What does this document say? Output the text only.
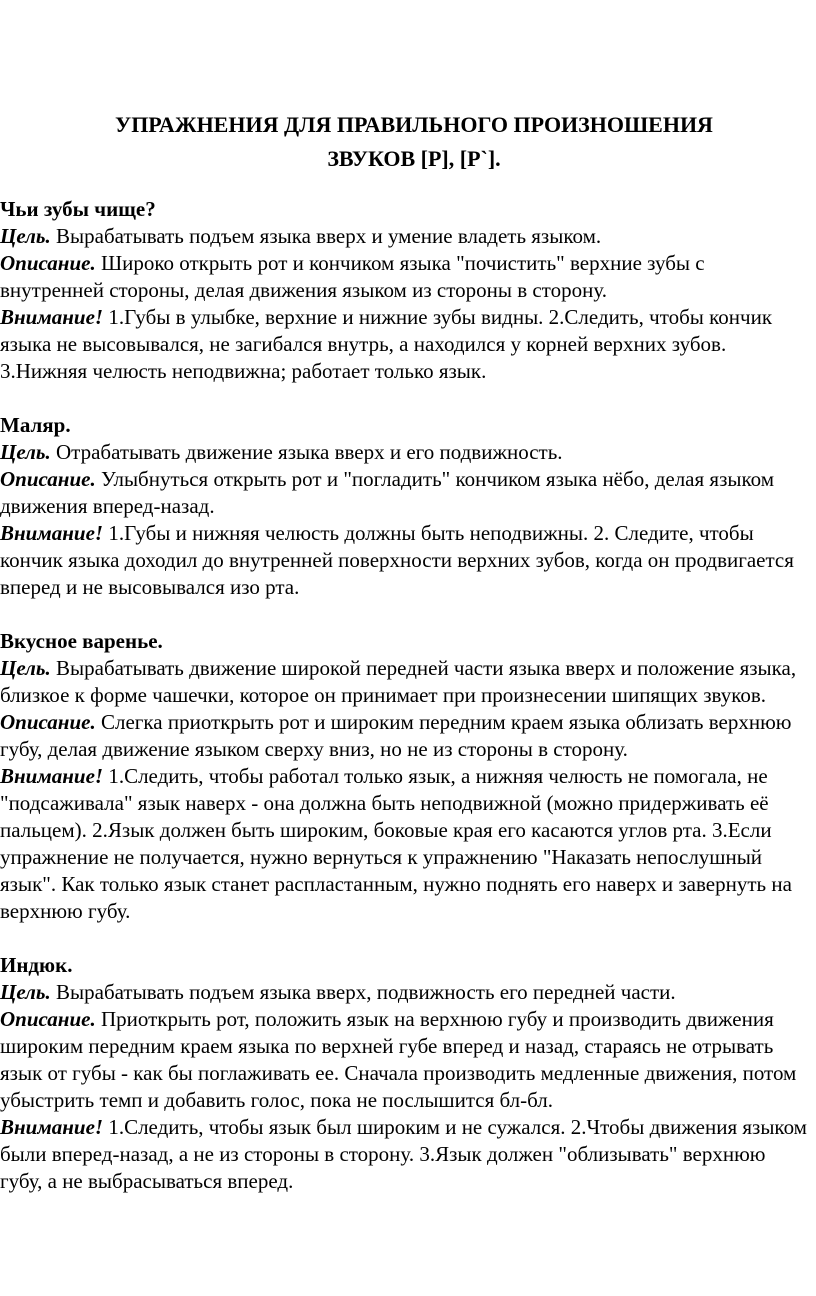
УПРАЖНЕНИЯ ДЛЯ ПРАВИЛЬНОГО ПРОИЗНОШЕНИЯ
ЗВУКОВ [Р], [Р`].

Чьи зубы чище?

Цель. Вырабатывать подъем языка вверх и умение владеть языком.

Описание. Широко открыть рот и кончиком языка "почистить" верхние зубы с внутренней стороны, делая движения языком из стороны в сторону.

Внимание! 1.Губы в улыбке, верхние и нижние зубы видны. 2.Следить, чтобы кончик языка не высовывался, не загибался внутрь, а находился у корней верхних зубов. 3.Нижняя челюсть неподвижна; работает только язык.

Маляр.

Цель. Отрабатывать движение языка вверх и его подвижность.

Описание. Улыбнуться открыть рот и "погладить" кончиком языка нёбо, делая языком движения вперед-назад.

Внимание! 1.Губы и нижняя челюсть должны быть неподвижны. 2. Следите, чтобы кончик языка доходил до внутренней поверхности верхних зубов, когда он продвигается вперед и не высовывался изо рта.

Вкусное варенье.

Цель. Вырабатывать движение широкой передней части языка вверх и положение языка, близкое к форме чашечки, которое он принимает при произнесении шипящих звуков.

Описание. Слегка приоткрыть рот и широким передним краем языка облизать верхнюю губу, делая движение языком сверху вниз, но не из стороны в сторону.

Внимание! 1.Следить, чтобы работал только язык, а нижняя челюсть не помогала, не "подсаживала" язык наверх - она должна быть неподвижной (можно придерживать её пальцем). 2.Язык должен быть широким, боковые края его касаются углов рта. 3.Если упражнение не получается, нужно вернуться к упражнению "Наказать непослушный язык". Как только язык станет распластанным, нужно поднять его наверх и завернуть на верхнюю губу.

Индюк.

Цель. Вырабатывать подъем языка вверх, подвижность его передней части.

Описание. Приоткрыть рот, положить язык на верхнюю губу и производить движения широким передним краем языка по верхней губе вперед и назад, стараясь не отрывать язык от губы - как бы поглаживать ее. Сначала производить медленные движения, потом убыстрить темп и добавить голос, пока не послышится бл-бл.

Внимание! 1.Следить, чтобы язык был широким и не сужался. 2.Чтобы движения языком были вперед-назад, а не из стороны в сторону. 3.Язык должен "облизывать" верхнюю губу, а не выбрасываться вперед.
